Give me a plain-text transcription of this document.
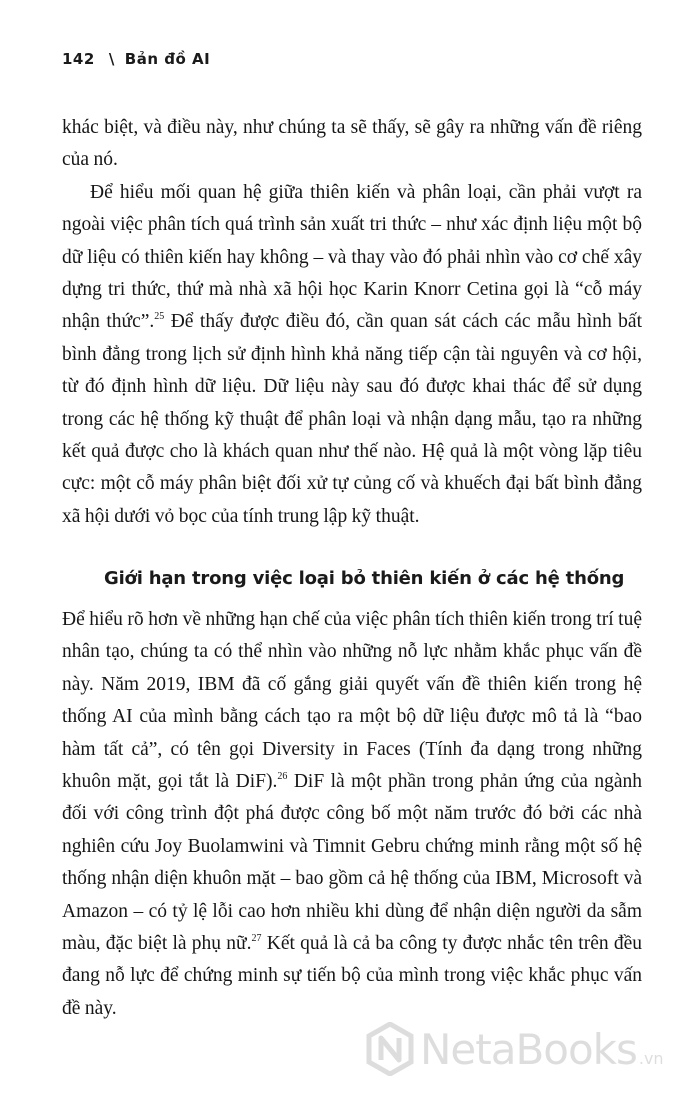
142 \ Bản đồ AI

khác biệt, và điều này, như chúng ta sẽ thấy, sẽ gây ra những vấn đề riêng của nó.

Để hiểu mối quan hệ giữa thiên kiến và phân loại, cần phải vượt ra ngoài việc phân tích quá trình sản xuất tri thức – như xác định liệu một bộ dữ liệu có thiên kiến hay không – và thay vào đó phải nhìn vào cơ chế xây dựng tri thức, thứ mà nhà xã hội học Karin Knorr Cetina gọi là “cỗ máy nhận thức”.$^{25}$ Để thấy được điều đó, cần quan sát cách các mẫu hình bất bình đẳng trong lịch sử định hình khả năng tiếp cận tài nguyên và cơ hội, từ đó định hình dữ liệu. Dữ liệu này sau đó được khai thác để sử dụng trong các hệ thống kỹ thuật để phân loại và nhận dạng mẫu, tạo ra những kết quả được cho là khách quan như thế nào. Hệ quả là một vòng lặp tiêu cực: một cỗ máy phân biệt đối xử tự củng cố và khuếch đại bất bình đẳng xã hội dưới vỏ bọc của tính trung lập kỹ thuật.

Giới hạn trong việc loại bỏ thiên kiến ở các hệ thống

Để hiểu rõ hơn về những hạn chế của việc phân tích thiên kiến trong trí tuệ nhân tạo, chúng ta có thể nhìn vào những nỗ lực nhằm khắc phục vấn đề này. Năm 2019, IBM đã cố gắng giải quyết vấn đề thiên kiến trong hệ thống AI của mình bằng cách tạo ra một bộ dữ liệu được mô tả là “bao hàm tất cả”, có tên gọi Diversity in Faces (Tính đa dạng trong những khuôn mặt, gọi tắt là DiF).$^{26}$ DiF là một phần trong phản ứng của ngành đối với công trình đột phá được công bố một năm trước đó bởi các nhà nghiên cứu Joy Buolamwini và Timnit Gebru chứng minh rằng một số hệ thống nhận diện khuôn mặt – bao gồm cả hệ thống của IBM, Microsoft và Amazon – có tỷ lệ lỗi cao hơn nhiều khi dùng để nhận diện người da sẫm màu, đặc biệt là phụ nữ.$^{27}$ Kết quả là cả ba công ty được nhắc tên trên đều đang nỗ lực để chứng minh sự tiến bộ của mình trong việc khắc phục vấn đề này.

NetaBooks .vn
